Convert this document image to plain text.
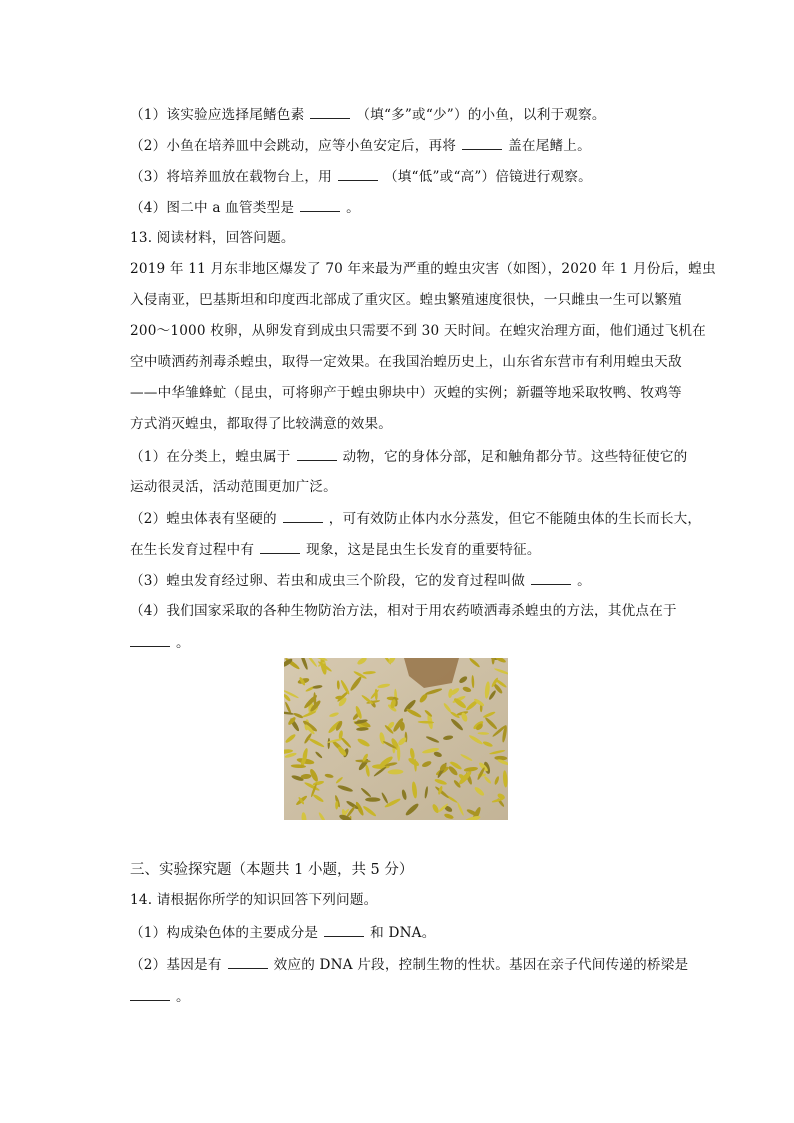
（1）该实验应选择尾鳍色素	（填“多”或“少”）的小鱼，以利于观察。
（2）小鱼在培养皿中会跳动，应等小鱼安定后，再将	盖在尾鳍上。
（3）将培养皿放在载物台上，用	（填“低”或“高”）倍镜进行观察。
（4）图二中 a 血管类型是	。
13. 阅读材料，回答问题。
2019 年 11 月东非地区爆发了 70 年来最为严重的蝗虫灾害（如图），2020 年 1 月份后，蝗虫
入侵南亚，巴基斯坦和印度西北部成了重灾区。蝗虫繁殖速度很快，一只雌虫一生可以繁殖
200～1000 枚卵，从卵发育到成虫只需要不到 30 天时间。在蝗灾治理方面，他们通过飞机在
空中喷洒药剂毒杀蝗虫，取得一定效果。在我国治蝗历史上，山东省东营市有利用蝗虫天敌
——中华雏蜂虻（昆虫，可将卵产于蝗虫卵块中）灭蝗的实例；新疆等地采取牧鸭、牧鸡等
方式消灭蝗虫，都取得了比较满意的效果。
（1）在分类上，蝗虫属于	动物，它的身体分部，足和触角都分节。这些特征使它的
运动很灵活，活动范围更加广泛。
（2）蝗虫体表有坚硬的	，可有效防止体内水分蒸发，但它不能随虫体的生长而长大，
在生长发育过程中有	现象，这是昆虫生长发育的重要特征。
（3）蝗虫发育经过卵、若虫和成虫三个阶段，它的发育过程叫做	。
（4）我们国家采取的各种生物防治方法，相对于用农药喷洒毒杀蝗虫的方法，其优点在于
。
三、实验探究题（本题共 1 小题，共 5 分）
14. 请根据你所学的知识回答下列问题。
（1）构成染色体的主要成分是	和 DNA。
（2）基因是有	效应的 DNA 片段，控制生物的性状。基因在亲子代间传递的桥梁是
。
